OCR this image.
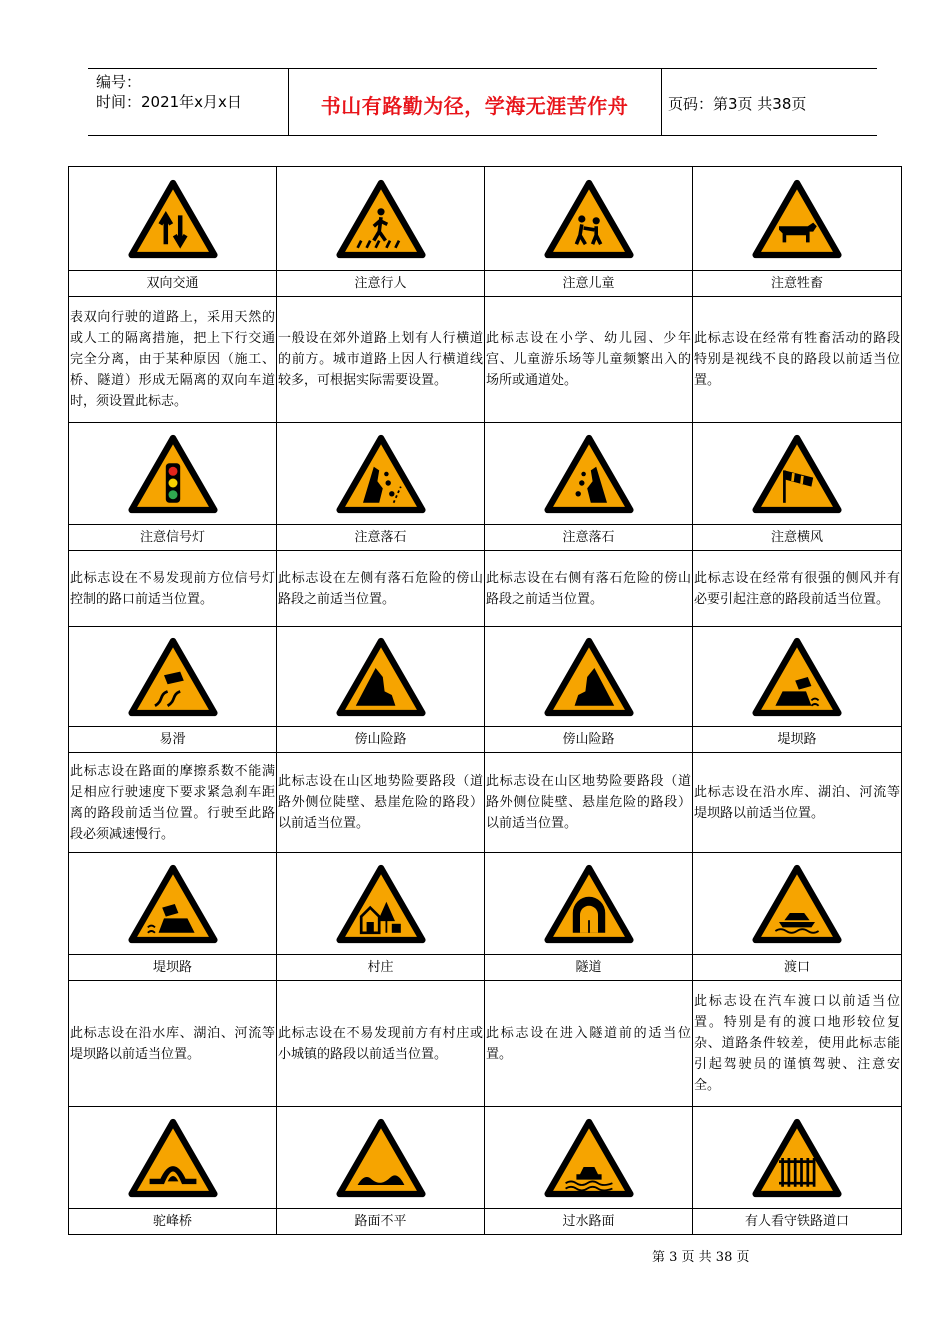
编号：
时间：2021年x月x日	书山有路勤为径，学海无涯苦作舟	页码：第3页 共38页

双向交通	注意行人	注意儿童	注意牲畜
表双向行驶的道路上，采用天然的或人工的隔离措施，把上下行交通完全分离，由于某种原因（施工、桥、隧道）形成无隔离的双向车道时，须设置此标志。	一般设在郊外道路上划有人行横道的前方。城市道路上因人行横道线较多，可根据实际需要设置。	此标志设在小学、幼儿园、少年宫、儿童游乐场等儿童频繁出入的场所或通道处。	此标志设在经常有牲畜活动的路段特别是视线不良的路段以前适当位置。

注意信号灯	注意落石	注意落石	注意横风
此标志设在不易发现前方位信号灯控制的路口前适当位置。	此标志设在左侧有落石危险的傍山路段之前适当位置。	此标志设在右侧有落石危险的傍山路段之前适当位置。	此标志设在经常有很强的侧风并有必要引起注意的路段前适当位置。

易滑	傍山险路	傍山险路	堤坝路
此标志设在路面的摩擦系数不能满足相应行驶速度下要求紧急刹车距离的路段前适当位置。行驶至此路段必须减速慢行。	此标志设在山区地势险要路段（道路外侧位陡壁、悬崖危险的路段）以前适当位置。	此标志设在山区地势险要路段（道路外侧位陡壁、悬崖危险的路段）以前适当位置。	此标志设在沿水库、湖泊、河流等堤坝路以前适当位置。

堤坝路	村庄	隧道	渡口
此标志设在沿水库、湖泊、河流等堤坝路以前适当位置。	此标志设在不易发现前方有村庄或小城镇的路段以前适当位置。	此标志设在进入隧道前的适当位置。	此标志设在汽车渡口以前适当位置。特别是有的渡口地形较位复杂、道路条件较差，使用此标志能引起驾驶员的谨慎驾驶、注意安全。

驼峰桥	路面不平	过水路面	有人看守铁路道口
第 3 页 共 38 页
